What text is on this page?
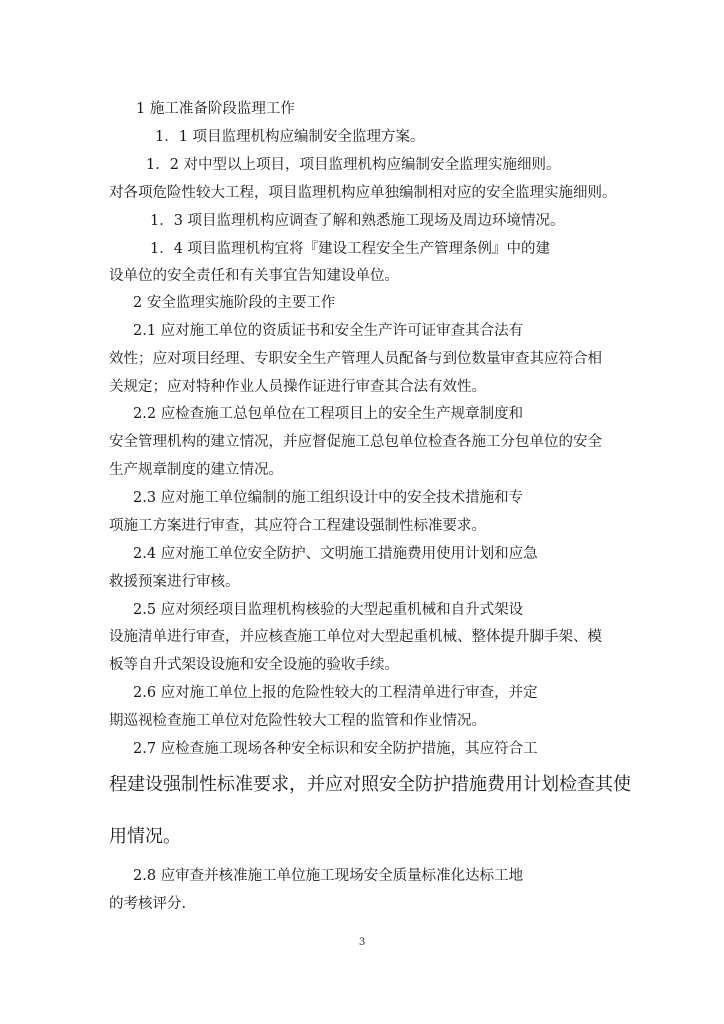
1 施工准备阶段监理工作
1．1 项目监理机构应编制安全监理方案。
1．2 对中型以上项目，项目监理机构应编制安全监理实施细则。
对各项危险性较大工程，项目监理机构应单独编制相对应的安全监理实施细则。
1．3 项目监理机构应调查了解和熟悉施工现场及周边环境情况。
1．4 项目监理机构宜将『建设工程安全生产管理条例』中的建
设单位的安全责任和有关事宜告知建设单位。
2 安全监理实施阶段的主要工作
2.1 应对施工单位的资质证书和安全生产许可证审查其合法有
效性；应对项目经理、专职安全生产管理人员配备与到位数量审查其应符合相
关规定；应对特种作业人员操作证进行审查其合法有效性。
2.2 应检查施工总包单位在工程项目上的安全生产规章制度和
安全管理机构的建立情况，并应督促施工总包单位检查各施工分包单位的安全
生产规章制度的建立情况。
2.3 应对施工单位编制的施工组织设计中的安全技术措施和专
项施工方案进行审查，其应符合工程建设强制性标准要求。
2.4 应对施工单位安全防护、文明施工措施费用使用计划和应急
救援预案进行审核。
2.5 应对须经项目监理机构核验的大型起重机械和自升式架设
设施清单进行审查，并应核查施工单位对大型起重机械、整体提升脚手架、模
板等自升式架设设施和安全设施的验收手续。
2.6 应对施工单位上报的危险性较大的工程清单进行审查，并定
期巡视检查施工单位对危险性较大工程的监管和作业情况。
2.7 应检查施工现场各种安全标识和安全防护措施，其应符合工
程建设强制性标准要求，并应对照安全防护措施费用计划检查其使
用情况。
2.8 应审查并核准施工单位施工现场安全质量标准化达标工地
的考核评分.
3
